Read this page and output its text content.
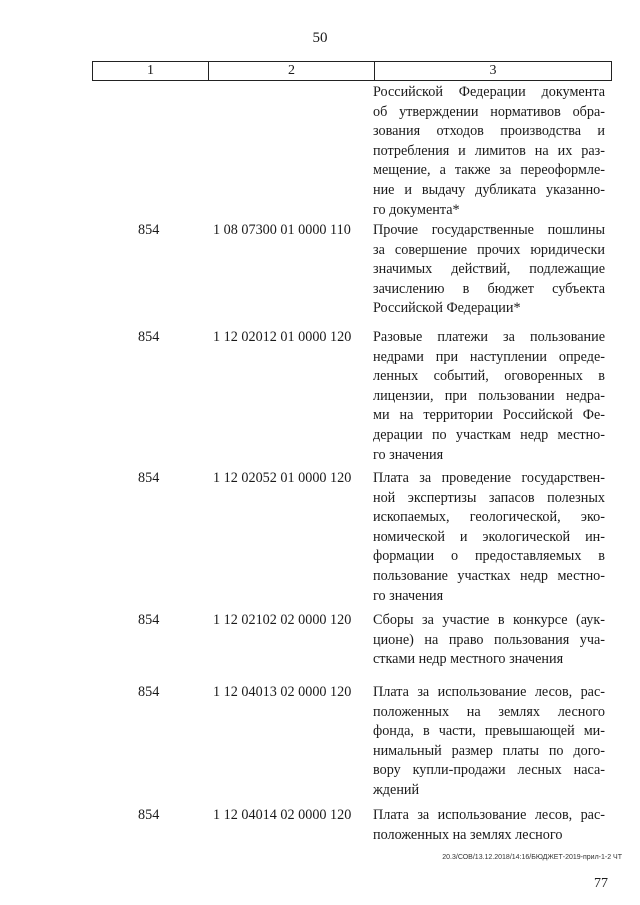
50
1	2	3
Российской Федерации документа
об утверждении нормативов обра-
зования отходов производства и
потребления и лимитов на их раз-
мещение, а также за переоформле-
ние и выдачу дубликата указанно-
го документа*
854	1 08 07300 01 0000 110 Прочие государственные пошлины
за совершение прочих юридически
значимых действий, подлежащие
зачислению в бюджет субъекта
Российской Федерации*
854	1 12 02012 01 0000 120 Разовые платежи за пользование
недрами при наступлении опреде-
ленных событий, оговоренных в
лицензии, при пользовании недра-
ми на территории Российской Фе-
дерации по участкам недр местно-
го значения
854	1 12 02052 01 0000 120 Плата за проведение государствен-
ной экспертизы запасов полезных
ископаемых, геологической, эко-
номической и экологической ин-
формации о предоставляемых в
пользование участках недр местно-
го значения
854	1 12 02102 02 0000 120 Сборы за участие в конкурсе (аук-
ционе) на право пользования уча-
стками недр местного значения
854	1 12 04013 02 0000 120 Плата за использование лесов, рас-
положенных на землях лесного
фонда, в части, превышающей ми-
нимальный размер платы по дого-
вору купли-продажи лесных наса-
ждений
854	1 12 04014 02 0000 120 Плата за использование лесов, рас-
положенных на землях лесного
20.3/СОВ/13.12.2018/14:16/БЮДЖЕТ-2019-прил-1-2 ЧТ
77
